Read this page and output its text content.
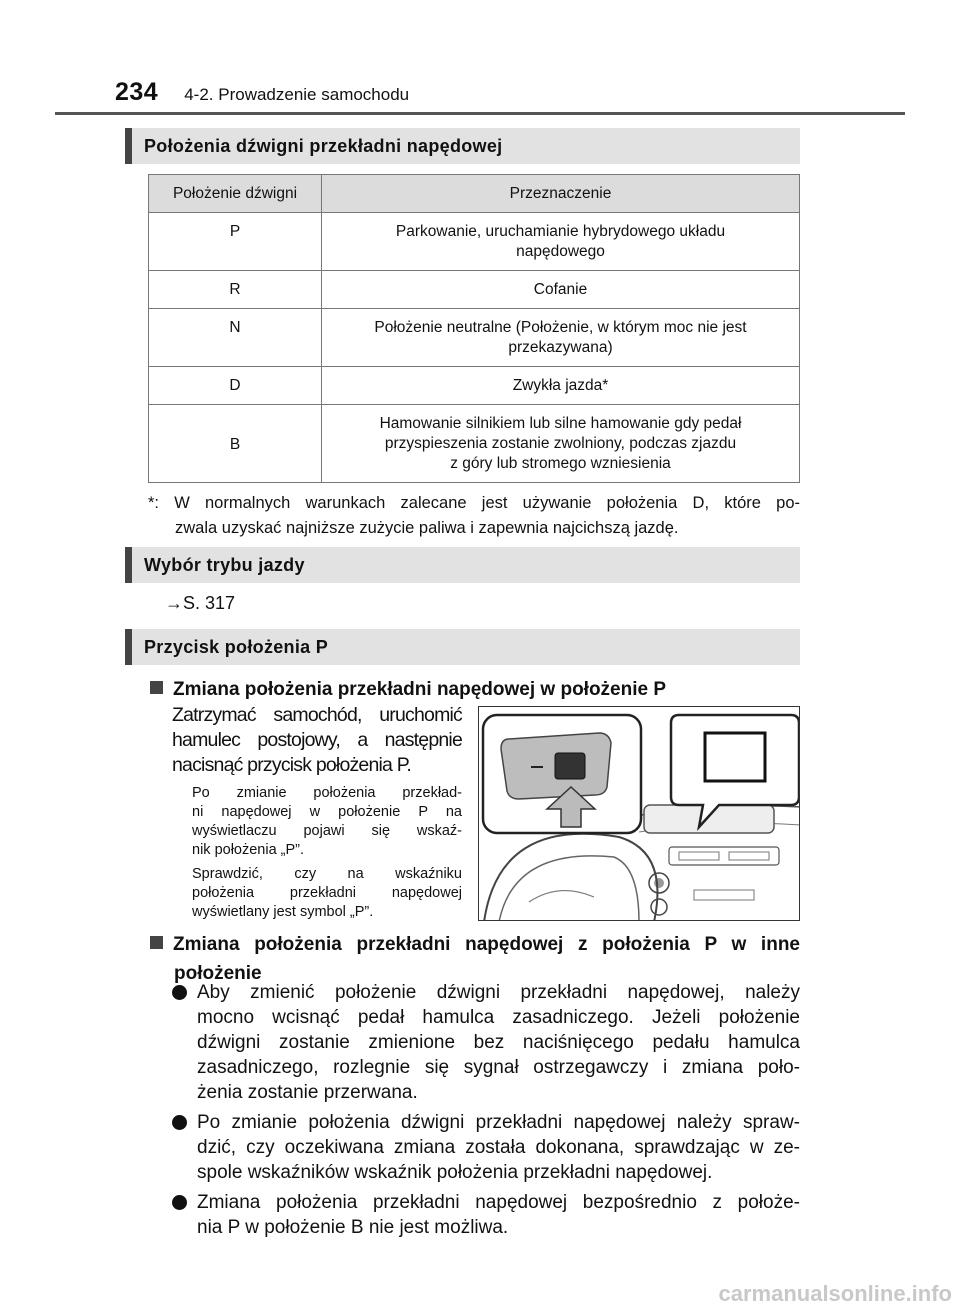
234 4-2. Prowadzenie samochodu
Położenia dźwigni przekładni napędowej
Położenie dźwigni	Przeznaczenie
P	Parkowanie, uruchamianie hybrydowego układu
napędowego

R	Cofanie

N	Położenie neutralne (Położenie, w którym moc nie jest
przekazywana)

D	Zwykła jazda*

B	Hamowanie silnikiem lub silne hamowanie gdy pedał
przyspieszenia zostanie zwolniony, podczas zjazdu
z góry lub stromego wzniesienia
*: W normalnych warunkach zalecane jest używanie położenia D, które po-
zwala uzyskać najniższe zużycie paliwa i zapewnia najcichszą jazdę.
Wybór trybu jazdy
→S. 317
Przycisk położenia P
Zmiana położenia przekładni napędowej w położenie P
Zatrzymać samochód, uruchomić
hamulec postojowy, a następnie
nacisnąć przycisk położenia P.
Po zmianie położenia przekład-
ni napędowej w położenie P na
wyświetlaczu pojawi się wskaź-
nik położenia „P”.
Sprawdzić, czy na wskaźniku
położenia przekładni napędowej
wyświetlany jest symbol „P”.
Zmiana położenia przekładni napędowej z położenia P w inne
położenie
Aby zmienić położenie dźwigni przekładni napędowej, należy
mocno wcisnąć pedał hamulca zasadniczego. Jeżeli położenie
dźwigni zostanie zmienione bez naciśnięcego pedału hamulca
zasadniczego, rozlegnie się sygnał ostrzegawczy i zmiana poło-
żenia zostanie przerwana.
Po zmianie położenia dźwigni przekładni napędowej należy spraw-
dzić, czy oczekiwana zmiana została dokonana, sprawdzając w ze-
spole wskaźników wskaźnik położenia przekładni napędowej.
Zmiana położenia przekładni napędowej bezpośrednio z położe-
nia P w położenie B nie jest możliwa.
carmanualsonline.info
